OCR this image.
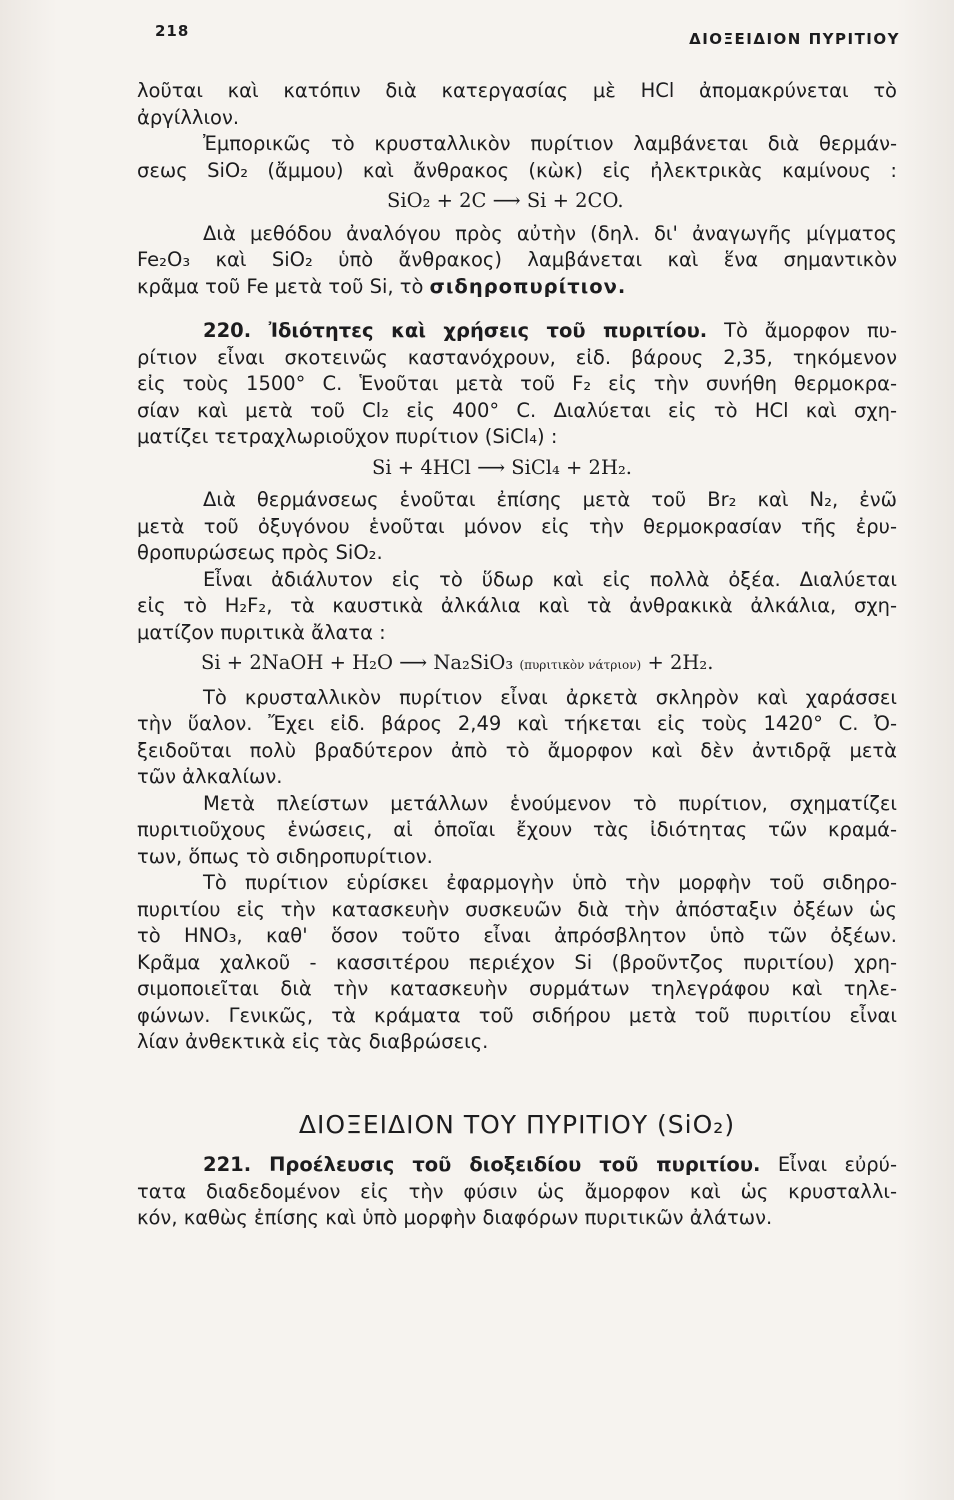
218	ΔΙΟΞΕΙΔΙΟΝ ΠΥΡΙΤΙΟΥ
λοῦται καὶ κατόπιν διὰ κατεργασίας μὲ HCl ἀπομακρύνεται τὸ
ἀργίλλιον.
Ἐμπορικῶς τὸ κρυσταλλικὸν πυρίτιον λαμβάνεται διὰ θερμάν-
σεως SiO₂ (ἄμμου) καὶ ἄνθρακος (κὼκ) εἰς ἠλεκτρικὰς καμίνους :
SiO₂ + 2C ⟶ Si + 2CO.
Διὰ μεθόδου ἀναλόγου πρὸς αὐτὴν (δηλ. δι' ἀναγωγῆς μίγματος
Fe₂O₃ καὶ SiO₂ ὑπὸ ἄνθρακος) λαμβάνεται καὶ ἕνα σημαντικὸν
κρᾶμα τοῦ Fe μετὰ τοῦ Si, τὸ σιδηροπυρίτιον.
220. Ἰδιότητες καὶ χρήσεις τοῦ πυριτίου. Τὸ ἄμορφον πυ-
ρίτιον εἶναι σκοτεινῶς καστανόχρουν, εἰδ. βάρους 2,35, τηκόμενον
εἰς τοὺς 1500° C. Ἑνοῦται μετὰ τοῦ F₂ εἰς τὴν συνήθη θερμοκρα-
σίαν καὶ μετὰ τοῦ Cl₂ εἰς 400° C. Διαλύεται εἰς τὸ HCl καὶ σχη-
ματίζει τετραχλωριοῦχον πυρίτιον (SiCl₄) :
Si + 4HCl ⟶ SiCl₄ + 2H₂.
Διὰ θερμάνσεως ἑνοῦται ἐπίσης μετὰ τοῦ Br₂ καὶ N₂, ἐνῶ
μετὰ τοῦ ὀξυγόνου ἑνοῦται μόνον εἰς τὴν θερμοκρασίαν τῆς ἐρυ-
θροπυρώσεως πρὸς SiO₂.
Εἶναι ἀδιάλυτον εἰς τὸ ὕδωρ καὶ εἰς πολλὰ ὀξέα. Διαλύεται
εἰς τὸ H₂F₂, τὰ καυστικὰ ἀλκάλια καὶ τὰ ἀνθρακικὰ ἀλκάλια, σχη-
ματίζον πυριτικὰ ἄλατα :
Si + 2NaOH + H₂O ⟶ Na₂SiO₃ (πυριτικὸν νάτριον) + 2H₂.
Τὸ κρυσταλλικὸν πυρίτιον εἶναι ἀρκετὰ σκληρὸν καὶ χαράσσει
τὴν ὕαλον. Ἔχει εἰδ. βάρος 2,49 καὶ τήκεται εἰς τοὺς 1420° C. Ὀ-
ξειδοῦται πολὺ βραδύτερον ἀπὸ τὸ ἄμορφον καὶ δὲν ἀντιδρᾷ μετὰ
τῶν ἀλκαλίων.
Μετὰ πλείστων μετάλλων ἑνούμενον τὸ πυρίτιον, σχηματίζει
πυριτιοῦχους ἑνώσεις, αἱ ὁποῖαι ἔχουν τὰς ἰδιότητας τῶν κραμά-
των, ὅπως τὸ σιδηροπυρίτιον.
Τὸ πυρίτιον εὑρίσκει ἐφαρμογὴν ὑπὸ τὴν μορφὴν τοῦ σιδηρο-
πυριτίου εἰς τὴν κατασκευὴν συσκευῶν διὰ τὴν ἀπόσταξιν ὀξέων ὡς
τὸ HNO₃, καθ' ὅσον τοῦτο εἶναι ἀπρόσβλητον ὑπὸ τῶν ὀξέων.
Κρᾶμα χαλκοῦ - κασσιτέρου περιέχον Si (βροῦντζος πυριτίου) χρη-
σιμοποιεῖται διὰ τὴν κατασκευὴν συρμάτων τηλεγράφου καὶ τηλε-
φώνων. Γενικῶς, τὰ κράματα τοῦ σιδήρου μετὰ τοῦ πυριτίου εἶναι
λίαν ἀνθεκτικὰ εἰς τὰς διαβρώσεις.
ΔΙΟΞΕΙΔΙΟΝ ΤΟΥ ΠΥΡΙΤΙΟΥ (SiO₂)
221. Προέλευσις τοῦ διοξειδίου τοῦ πυριτίου. Εἶναι εὐρύ-
τατα διαδεδομένον εἰς τὴν φύσιν ὡς ἄμορφον καὶ ὡς κρυσταλλι-
κόν, καθὼς ἐπίσης καὶ ὑπὸ μορφὴν διαφόρων πυριτικῶν ἀλάτων.
